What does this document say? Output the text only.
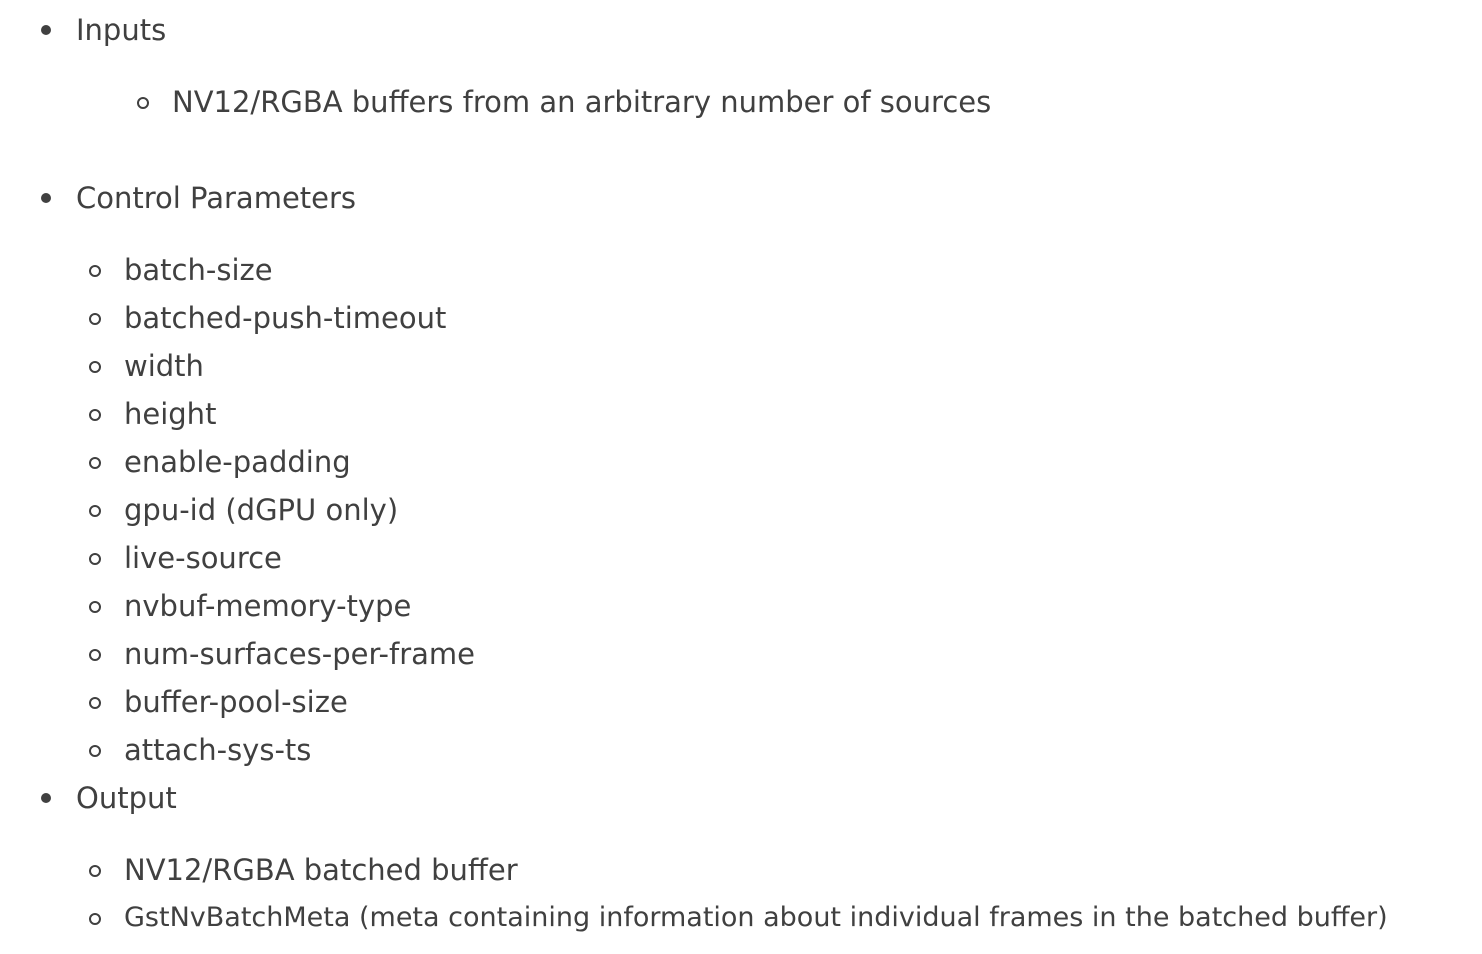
Inputs
NV12/RGBA buffers from an arbitrary number of sources
Control Parameters
batch-size
batched-push-timeout
width
height
enable-padding
gpu-id (dGPU only)
live-source
nvbuf-memory-type
num-surfaces-per-frame
buffer-pool-size
attach-sys-ts
Output
NV12/RGBA batched buffer
GstNvBatchMeta (meta containing information about individual frames in the batched buffer)
